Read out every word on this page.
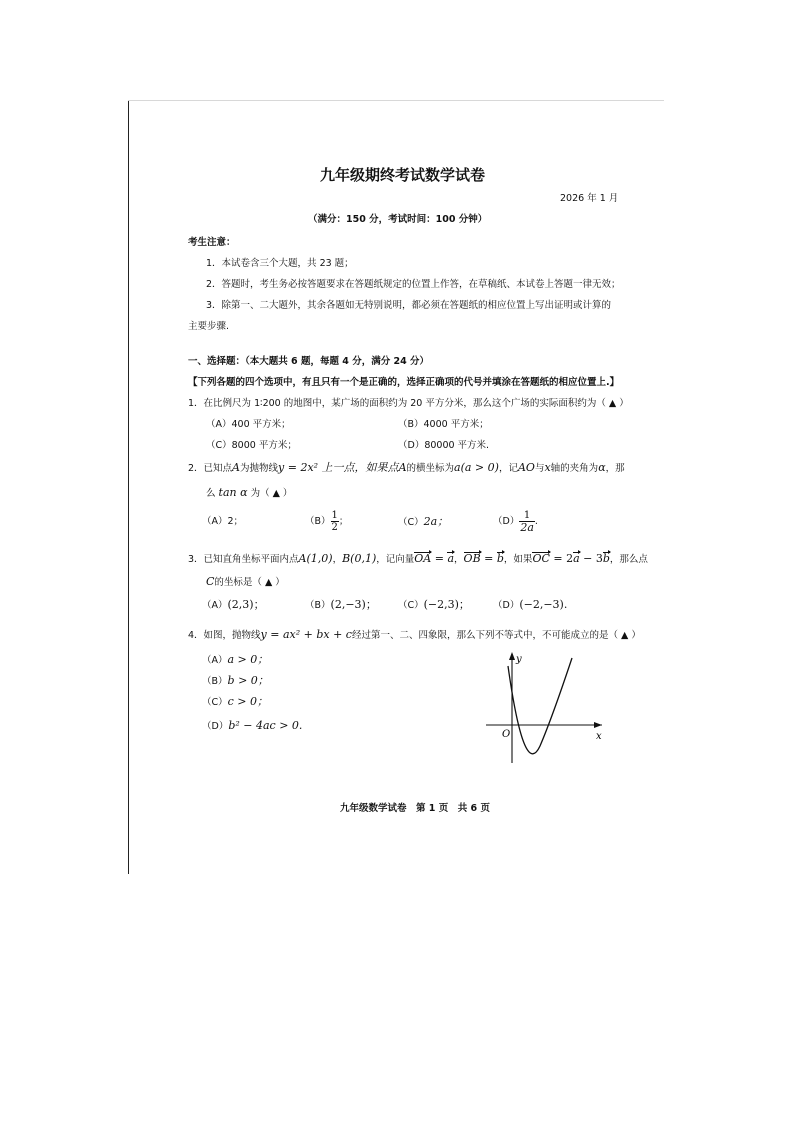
九年级期终考试数学试卷
2026 年 1 月
（满分：150 分，考试时间：100 分钟）
考生注意：
1．本试卷含三个大题，共 23 题；
2．答题时，考生务必按答题要求在答题纸规定的位置上作答，在草稿纸、本试卷上答题一律无效；
3．除第一、二大题外，其余各题如无特别说明，都必须在答题纸的相应位置上写出证明或计算的
主要步骤.
一、选择题：（本大题共 6 题，每题 4 分，满分 24 分）
【下列各题的四个选项中，有且只有一个是正确的，选择正确项的代号并填涂在答题纸的相应位置上.】
1．在比例尺为 1∶200 的地图中，某广场的面积约为 20 平方分米，那么这个广场的实际面积约为（ ▲ ）
（A）400 平方米；	（B）4000 平方米；
（C）8000 平方米；	（D）80000 平方米.
2．已知点A为抛物线y = 2x² 上一点，如果点A的横坐标为a(a > 0)，记AO与x轴的夹角为α，那
么 tan α 为（ ▲ ）
（A）2；	$(B) \frac{1}{2}$ ；	（C）2a；	$(D) \frac{1}{2a}$ .
3．已知直角坐标平面内点A(1,0)，B(0,1)，记向量OA = a，OB = b，如果OC = 2a − 3b，那么点
C的坐标是（ ▲ ）
（A）(2,3)；	（B）(2,−3)； （C）(−2,3)； （D）(−2,−3).
4．如图，抛物线y = ax² + bx + c经过第一、二、四象限，那么下列不等式中，不可能成立的是（ ▲ ）
（A）a > 0；
（B）b > 0；
（C）c > 0；
（D）b² − 4ac > 0.
y
x
O
九年级数学试卷　第 1 页　共 6 页
